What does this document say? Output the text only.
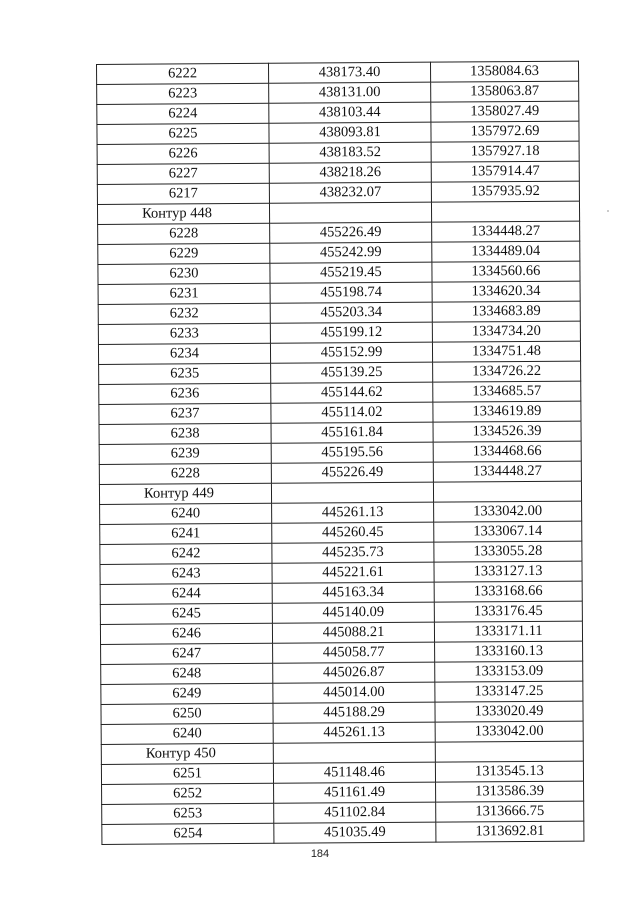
6222	438173.40	1358084.63
6223	438131.00	1358063.87
6224	438103.44	1358027.49
6225	438093.81	1357972.69
6226	438183.52	1357927.18
6227	438218.26	1357914.47
6217	438232.07	1357935.92
Контур 448		
6228	455226.49	1334448.27
6229	455242.99	1334489.04
6230	455219.45	1334560.66
6231	455198.74	1334620.34
6232	455203.34	1334683.89
6233	455199.12	1334734.20
6234	455152.99	1334751.48
6235	455139.25	1334726.22
6236	455144.62	1334685.57
6237	455114.02	1334619.89
6238	455161.84	1334526.39
6239	455195.56	1334468.66
6228	455226.49	1334448.27
Контур 449		
6240	445261.13	1333042.00
6241	445260.45	1333067.14
6242	445235.73	1333055.28
6243	445221.61	1333127.13
6244	445163.34	1333168.66
6245	445140.09	1333176.45
6246	445088.21	1333171.11
6247	445058.77	1333160.13
6248	445026.87	1333153.09
6249	445014.00	1333147.25
6250	445188.29	1333020.49
6240	445261.13	1333042.00
Контур 450		
6251	451148.46	1313545.13
6252	451161.49	1313586.39
6253	451102.84	1313666.75
6254	451035.49	1313692.81
184
